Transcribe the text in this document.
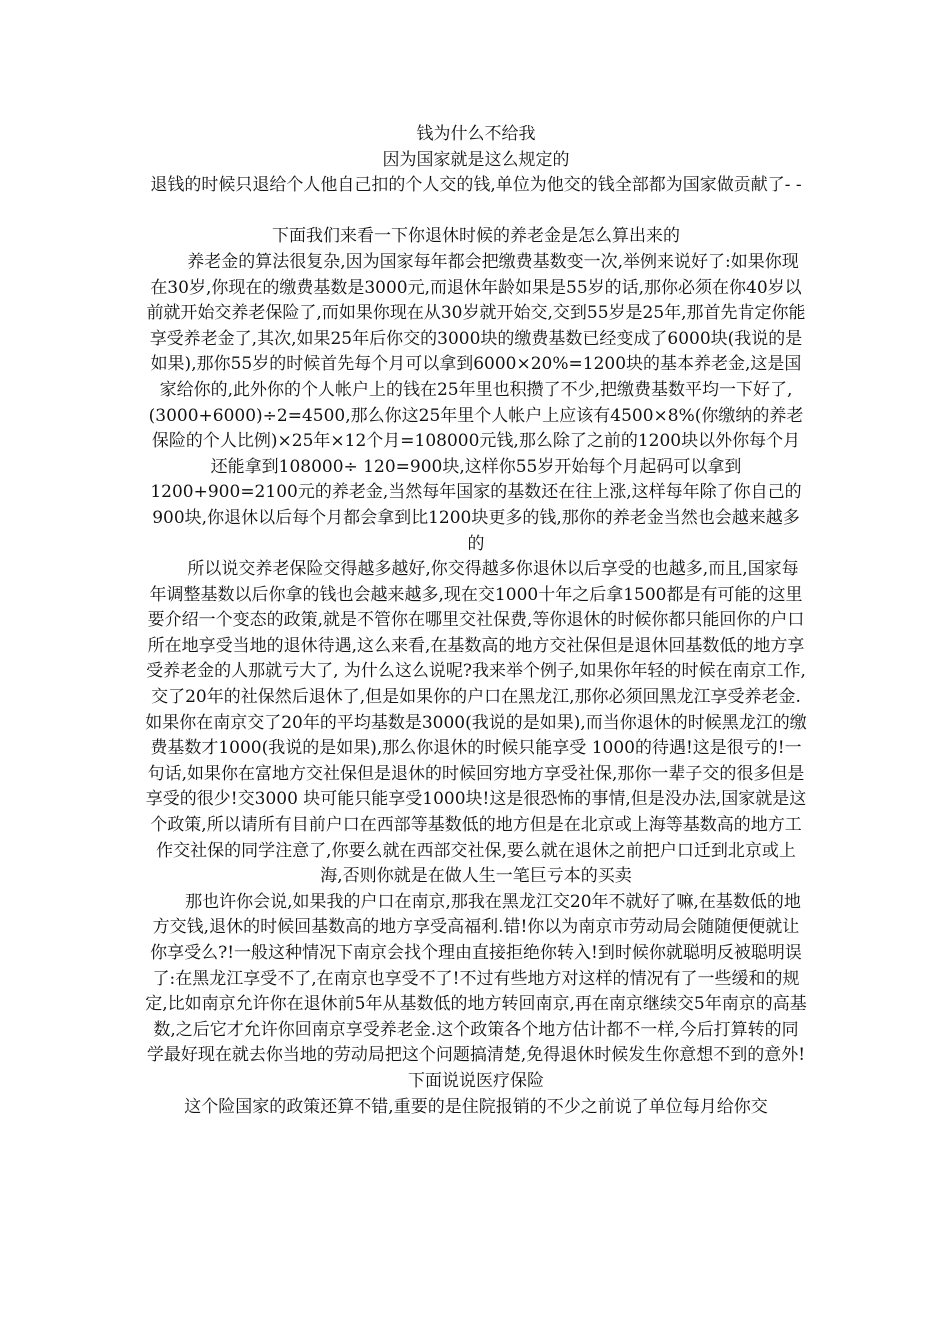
钱为什么不给我

因为国家就是这么规定的

退钱的时候只退给个人他自己扣的个人交的钱,单位为他交的钱全部都为国家做贡献了- -

下面我们来看一下你退休时候的养老金是怎么算出来的

养老金的算法很复杂,因为国家每年都会把缴费基数变一次,举例来说好了:如果你现在30岁,你现在的缴费基数是3000元,而退休年龄如果是55岁的话,那你必须在你40岁以前就开始交养老保险了,而如果你现在从30岁就开始交,交到55岁是25年,那首先肯定你能享受养老金了,其次,如果25年后你交的3000块的缴费基数已经变成了6000块(我说的是如果),那你55岁的时候首先每个月可以拿到6000×20%=1200块的基本养老金,这是国家给你的,此外你的个人帐户上的钱在25年里也积攒了不少,把缴费基数平均一下好了,(3000+6000)÷2=4500,那么你这25年里个人帐户上应该有4500×8%(你缴纳的养老保险的个人比例)×25年×12个月=108000元钱,那么除了之前的1200块以外你每个月还能拿到108000÷ 120=900块,这样你55岁开始每个月起码可以拿到1200+900=2100元的养老金,当然每年国家的基数还在往上涨,这样每年除了你自己的 900块,你退休以后每个月都会拿到比1200块更多的钱,那你的养老金当然也会越来越多的

所以说交养老保险交得越多越好,你交得越多你退休以后享受的也越多,而且,国家每年调整基数以后你拿的钱也会越来越多,现在交1000十年之后拿1500都是有可能的这里要介绍一个变态的政策,就是不管你在哪里交社保费,等你退休的时候你都只能回你的户口所在地享受当地的退休待遇,这么来看,在基数高的地方交社保但是退休回基数低的地方享受养老金的人那就亏大了, 为什么这么说呢?我来举个例子,如果你年轻的时候在南京工作,交了20年的社保然后退休了,但是如果你的户口在黑龙江,那你必须回黑龙江享受养老金.如果你在南京交了20年的平均基数是3000(我说的是如果),而当你退休的时候黑龙江的缴费基数才1000(我说的是如果),那么你退休的时候只能享受 1000的待遇!这是很亏的!一句话,如果你在富地方交社保但是退休的时候回穷地方享受社保,那你一辈子交的很多但是享受的很少!交3000 块可能只能享受1000块!这是很恐怖的事情,但是没办法,国家就是这个政策,所以请所有目前户口在西部等基数低的地方但是在北京或上海等基数高的地方工作交社保的同学注意了,你要么就在西部交社保,要么就在退休之前把户口迁到北京或上海,否则你就是在做人生一笔巨亏本的买卖

那也许你会说,如果我的户口在南京,那我在黑龙江交20年不就好了嘛,在基数低的地方交钱,退休的时候回基数高的地方享受高福利.错!你以为南京市劳动局会随随便便就让你享受么?!一般这种情况下南京会找个理由直接拒绝你转入!到时候你就聪明反被聪明误了:在黑龙江享受不了,在南京也享受不了!不过有些地方对这样的情况有了一些缓和的规定,比如南京允许你在退休前5年从基数低的地方转回南京,再在南京继续交5年南京的高基数,之后它才允许你回南京享受养老金.这个政策各个地方估计都不一样,今后打算转的同学最好现在就去你当地的劳动局把这个问题搞清楚,免得退休时候发生你意想不到的意外!

下面说说医疗保险

这个险国家的政策还算不错,重要的是住院报销的不少之前说了单位每月给你交
